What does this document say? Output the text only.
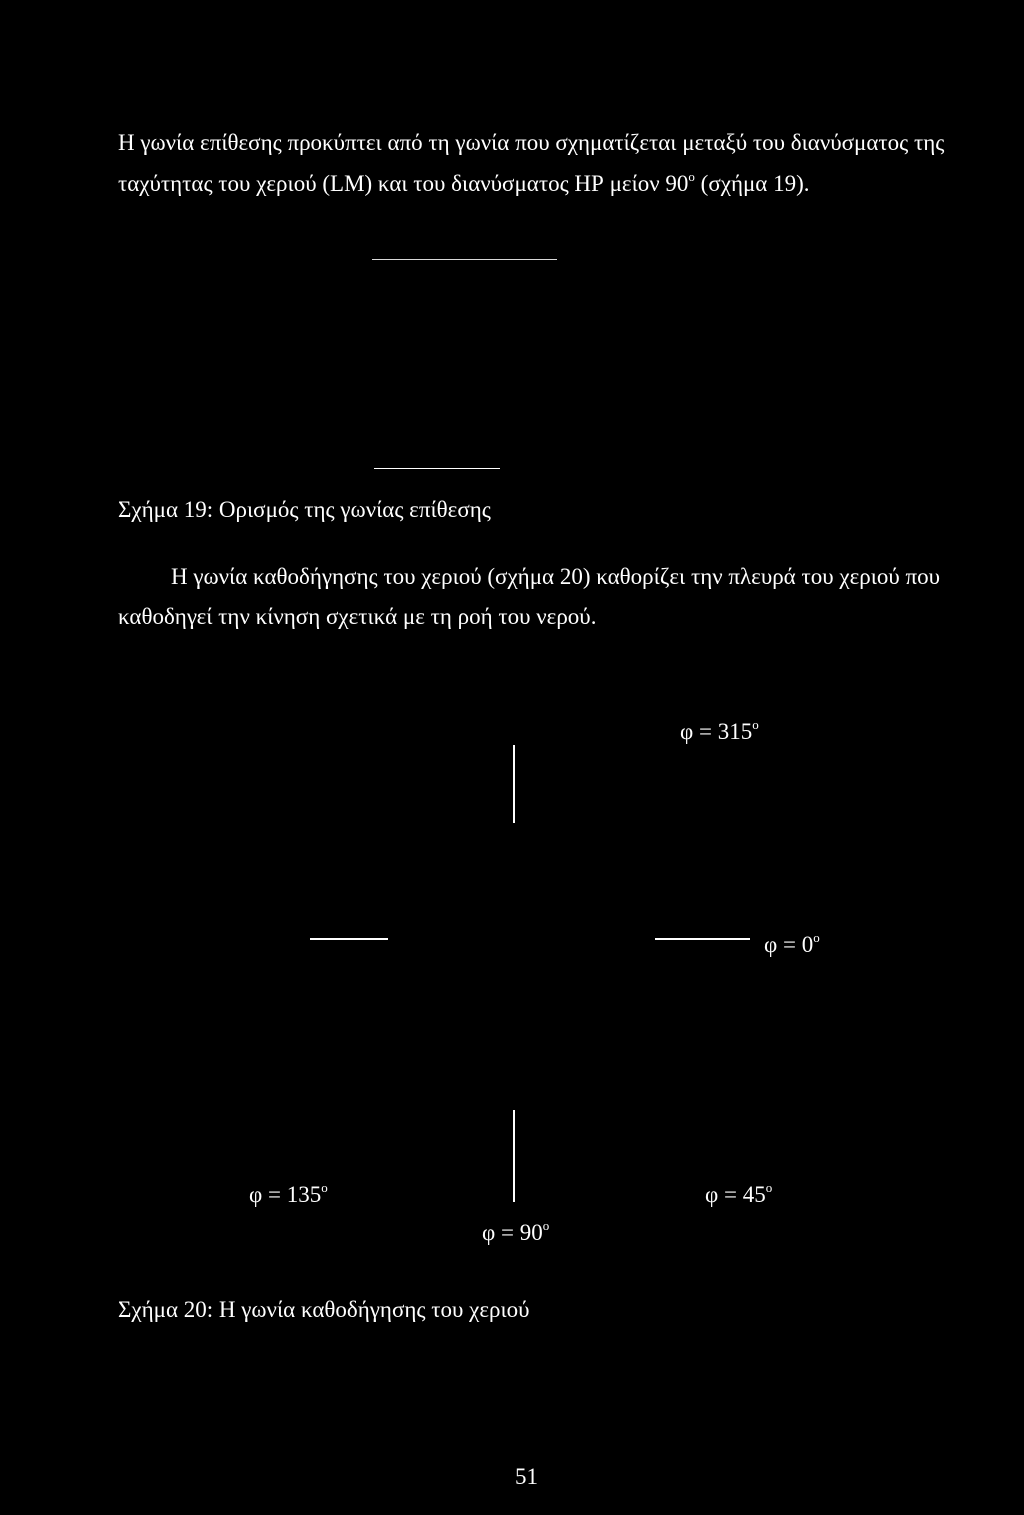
Η γωνία επίθεσης προκύπτει από τη γωνία που σχηματίζεται μεταξύ του διανύσματος της
ταχύτητας του χεριού (LM) και του διανύσματος ΗΡ μείον $90^o$ (σχήμα 19).
Σχήμα 19: Ορισμός της γωνίας επίθεσης
Η γωνία καθοδήγησης του χεριού (σχήμα 20) καθορίζει την πλευρά του χεριού που
καθοδηγεί την κίνηση σχετικά με τη ροή του νερού.
$\varphi = 315^o$
$\varphi = 0^o$
$\varphi = 135^o$	$\varphi = 45^o$
$\varphi = 90^o$
Σχήμα 20: Η γωνία καθοδήγησης του χεριού
51
